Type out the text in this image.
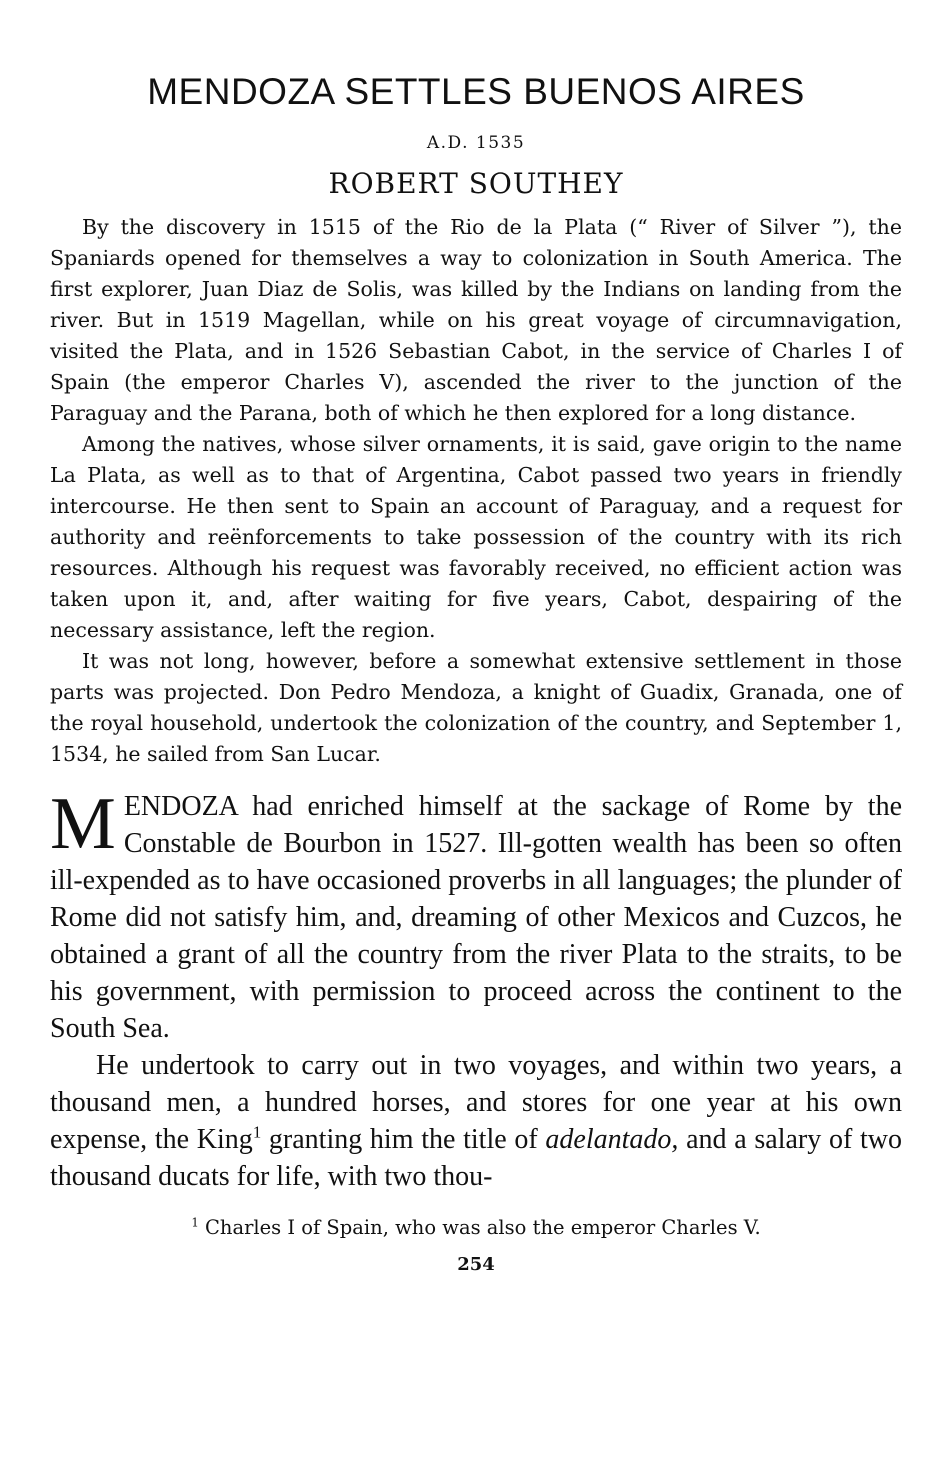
MENDOZA SETTLES BUENOS AIRES
A.D. 1535
ROBERT SOUTHEY

By the discovery in 1515 of the Rio de la Plata (“ River of Silver ”), the Spaniards opened for themselves a way to colonization in South America. The first explorer, Juan Diaz de Solis, was killed by the Indians on landing from the river. But in 1519 Magellan, while on his great voyage of circumnavigation, visited the Plata, and in 1526 Sebastian Cabot, in the service of Charles I of Spain (the emperor Charles V), ascended the river to the junction of the Paraguay and the Parana, both of which he then explored for a long distance.

Among the natives, whose silver ornaments, it is said, gave origin to the name La Plata, as well as to that of Argentina, Cabot passed two years in friendly intercourse. He then sent to Spain an account of Paraguay, and a request for authority and reënforcements to take possession of the country with its rich resources. Although his request was favorably received, no efficient action was taken upon it, and, after waiting for five years, Cabot, despairing of the necessary assistance, left the region.

It was not long, however, before a somewhat extensive settlement in those parts was projected. Don Pedro Mendoza, a knight of Guadix, Granada, one of the royal household, undertook the colonization of the country, and September 1, 1534, he sailed from San Lucar.

MENDOZA had enriched himself at the sackage of Rome by the Constable de Bourbon in 1527. Ill-gotten wealth has been so often ill-expended as to have occasioned proverbs in all languages; the plunder of Rome did not satisfy him, and, dreaming of other Mexicos and Cuzcos, he obtained a grant of all the country from the river Plata to the straits, to be his government, with permission to proceed across the continent to the South Sea.

He undertook to carry out in two voyages, and within two years, a thousand men, a hundred horses, and stores for one year at his own expense, the King$^1$ granting him the title of adelantado, and a salary of two thousand ducats for life, with two thou-

$^1$ Charles I of Spain, who was also the emperor Charles V.
254
